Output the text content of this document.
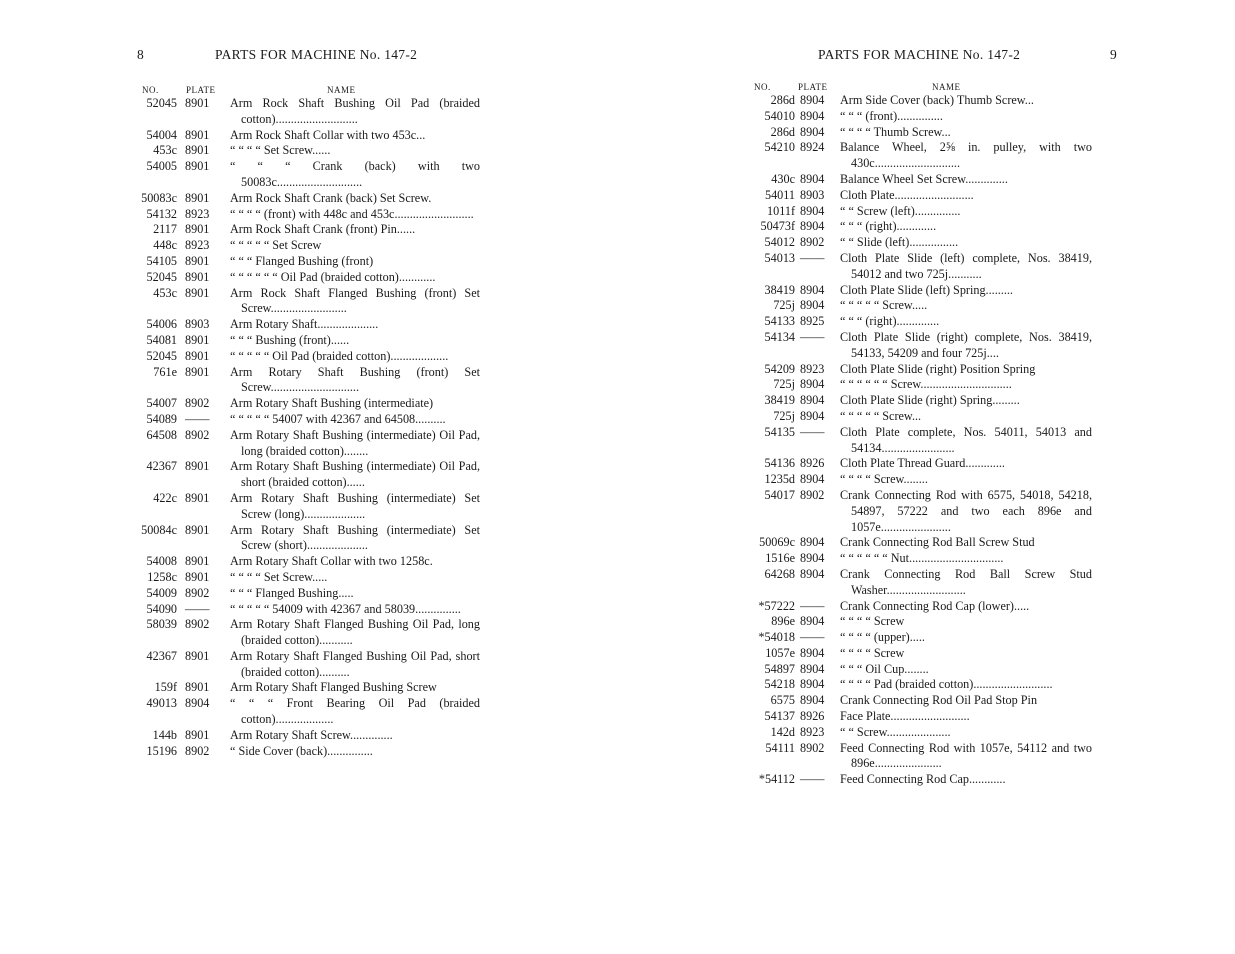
8	PARTS FOR MACHINE No. 147-2
NO.	PLATE	NAME
52045 8901	Arm Rock Shaft Bushing Oil Pad (braided cotton)...........................
54004 8901	Arm Rock Shaft Collar with two 453c...
453c 8901	“ “ “ “ Set Screw......
54005 8901	“ “ “ Crank (back) with two 50083c............................
50083c 8901	Arm Rock Shaft Crank (back) Set Screw.
54132 8923	“ “ “ “ (front) with 448c and 453c..........................
2117 8901	Arm Rock Shaft Crank (front) Pin......
448c 8923	“ “ “ “ “ Set Screw
54105 8901	“ “ “ Flanged Bushing (front)
52045 8901	“ “ “ “ “ “ Oil Pad (braided cotton)............
453c 8901	Arm Rock Shaft Flanged Bushing (front) Set Screw.........................
54006 8903	Arm Rotary Shaft....................
54081 8901	“ “ “ Bushing (front)......
52045 8901	“ “ “ “ “ Oil Pad (braided cotton)...................
761e 8901	Arm Rotary Shaft Bushing (front) Set Screw.............................
54007 8902	Arm Rotary Shaft Bushing (intermediate)
54089 ——	“ “ “ “ “ 54007 with 42367 and 64508..........
64508 8902	Arm Rotary Shaft Bushing (intermediate) Oil Pad, long (braided cotton)........
42367 8901	Arm Rotary Shaft Bushing (intermediate) Oil Pad, short (braided cotton)......
422c 8901	Arm Rotary Shaft Bushing (intermediate) Set Screw (long)....................
50084c 8901	Arm Rotary Shaft Bushing (intermediate) Set Screw (short)....................
54008 8901	Arm Rotary Shaft Collar with two 1258c.
1258c 8901	“ “ “ “ Set Screw.....
54009 8902	“ “ “ Flanged Bushing.....
54090 ——	“ “ “ “ “ 54009 with 42367 and 58039...............
58039 8902	Arm Rotary Shaft Flanged Bushing Oil Pad, long (braided cotton)...........
42367 8901	Arm Rotary Shaft Flanged Bushing Oil Pad, short (braided cotton)..........
159f 8901	Arm Rotary Shaft Flanged Bushing Screw
49013 8904	“ “ “ Front Bearing Oil Pad (braided cotton)...................
144b 8901	Arm Rotary Shaft Screw..............
15196 8902	“ Side Cover (back)...............
PARTS FOR MACHINE No. 147-2	9
NO.	PLATE	NAME
286d 8904	Arm Side Cover (back) Thumb Screw...
54010 8904	“ “ “ (front)...............
286d 8904	“ “ “ “ Thumb Screw...
54210 8924	Balance Wheel, 2⅝ in. pulley, with two 430c............................
430c 8904	Balance Wheel Set Screw..............
54011 8903	Cloth Plate..........................
1011f 8904	“ “ Screw (left)...............
50473f 8904	“ “ “ (right).............
54012 8902	“ “ Slide (left)................
54013 ——	Cloth Plate Slide (left) complete, Nos. 38419, 54012 and two 725j...........
38419 8904	Cloth Plate Slide (left) Spring.........
725j 8904	“ “ “ “ “ Screw.....
54133 8925	“ “ “ (right)..............
54134 ——	Cloth Plate Slide (right) complete, Nos. 38419, 54133, 54209 and four 725j....
54209 8923	Cloth Plate Slide (right) Position Spring
725j 8904	“ “ “ “ “ “ Screw..............................
38419 8904	Cloth Plate Slide (right) Spring.........
725j 8904	“ “ “ “ “ Screw...
54135 ——	Cloth Plate complete, Nos. 54011, 54013 and 54134........................
54136 8926	Cloth Plate Thread Guard.............
1235d 8904	“ “ “ “ Screw........
54017 8902	Crank Connecting Rod with 6575, 54018, 54218, 54897, 57222 and two each 896e and 1057e.......................
50069c 8904	Crank Connecting Rod Ball Screw Stud
1516e 8904	“ “ “ “ “ “ Nut...............................
64268 8904	Crank Connecting Rod Ball Screw Stud Washer..........................
*57222 ——	Crank Connecting Rod Cap (lower).....
896e 8904	“ “ “ “ Screw
*54018 ——	“ “ “ “ (upper).....
1057e 8904	“ “ “ “ Screw
54897 8904	“ “ “ Oil Cup........
54218 8904	“ “ “ “ Pad (braided cotton)..........................
6575 8904	Crank Connecting Rod Oil Pad Stop Pin
54137 8926	Face Plate..........................
142d 8923	“ “ Screw.....................
54111 8902	Feed Connecting Rod with 1057e, 54112 and two 896e......................
*54112 ——	Feed Connecting Rod Cap............
